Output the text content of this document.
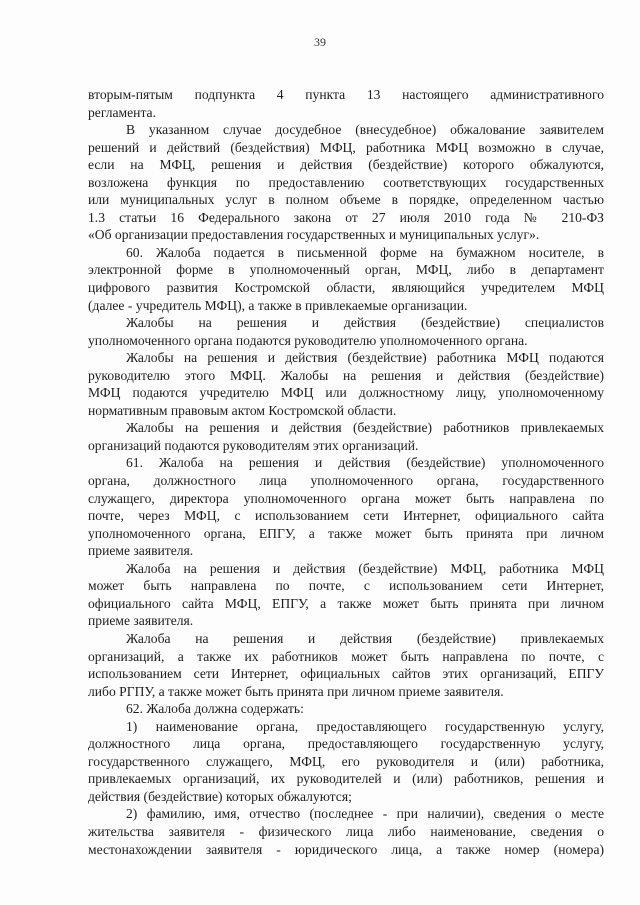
39

вторым-пятым подпункта 4 пункта 13 настоящего административного

регламента.

В указанном случае досудебное (внесудебное) обжалование заявителем

решений и действий (бездействия) МФЦ, работника МФЦ возможно в случае,

если на МФЦ, решения и действия (бездействие) которого обжалуются,

возложена функция по предоставлению соответствующих государственных

или муниципальных услуг в полном объеме в порядке, определенном частью

1.3 статьи 16 Федерального закона от 27 июля 2010 года № 210-ФЗ

«Об организации предоставления государственных и муниципальных услуг».

60. Жалоба подается в письменной форме на бумажном носителе, в

электронной форме в уполномоченный орган, МФЦ, либо в департамент

цифрового развития Костромской области, являющийся учредителем МФЦ

(далее - учредитель МФЦ), а также в привлекаемые организации.

Жалобы на решения и действия (бездействие) специалистов

уполномоченного органа подаются руководителю уполномоченного органа.

Жалобы на решения и действия (бездействие) работника МФЦ подаются

руководителю этого МФЦ. Жалобы на решения и действия (бездействие)

МФЦ подаются учредителю МФЦ или должностному лицу, уполномоченному

нормативным правовым актом Костромской области.

Жалобы на решения и действия (бездействие) работников привлекаемых

организаций подаются руководителям этих организаций.

61. Жалоба на решения и действия (бездействие) уполномоченного

органа, должностного лица уполномоченного органа, государственного

служащего, директора уполномоченного органа может быть направлена по

почте, через МФЦ, с использованием сети Интернет, официального сайта

уполномоченного органа, ЕПГУ, а также может быть принята при личном

приеме заявителя.

Жалоба на решения и действия (бездействие) МФЦ, работника МФЦ

может быть направлена по почте, с использованием сети Интернет,

официального сайта МФЦ, ЕПГУ, а также может быть принята при личном

приеме заявителя.

Жалоба на решения и действия (бездействие) привлекаемых

организаций, а также их работников может быть направлена по почте, с

использованием сети Интернет, официальных сайтов этих организаций, ЕПГУ

либо РГПУ, а также может быть принята при личном приеме заявителя.

62. Жалоба должна содержать:

1) наименование органа, предоставляющего государственную услугу,

должностного лица органа, предоставляющего государственную услугу,

государственного служащего, МФЦ, его руководителя и (или) работника,

привлекаемых организаций, их руководителей и (или) работников, решения и

действия (бездействие) которых обжалуются;

2) фамилию, имя, отчество (последнее - при наличии), сведения о месте

жительства заявителя - физического лица либо наименование, сведения о

местонахождении заявителя - юридического лица, а также номер (номера)
